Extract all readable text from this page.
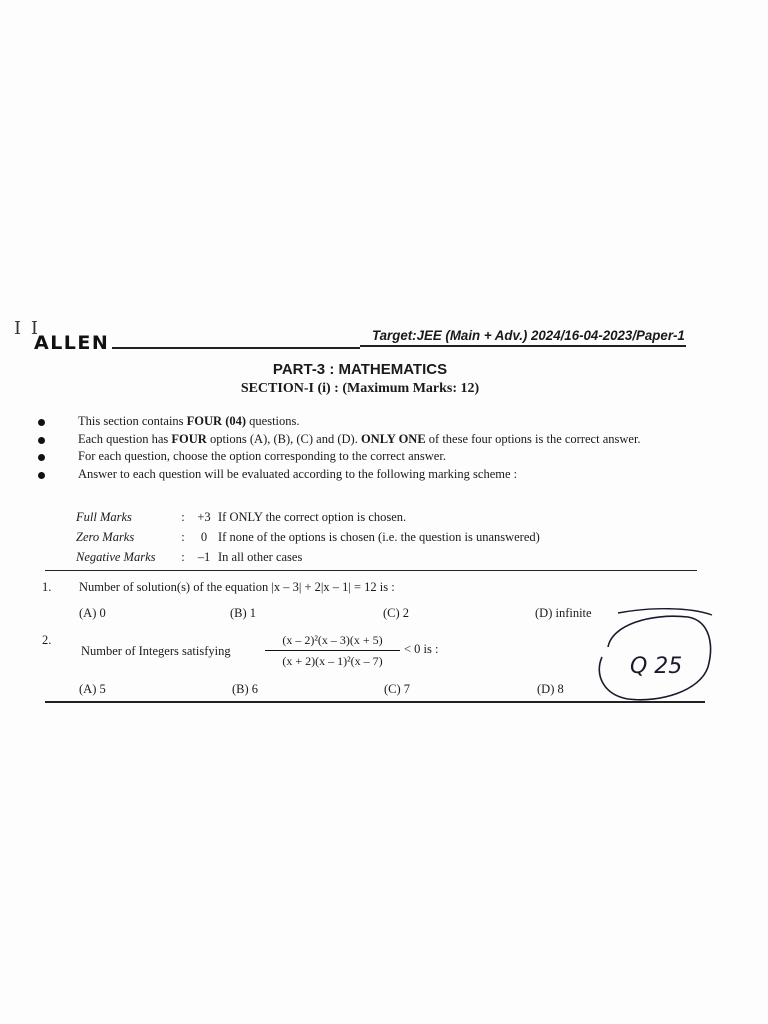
I I
ALLEN	Target:JEE (Main + Adv.) 2024/16-04-2023/Paper-1
PART-3 : MATHEMATICS
SECTION-I (i) : (Maximum Marks: 12)
This section contains FOUR (04) questions.
Each question has FOUR options (A), (B), (C) and (D). ONLY ONE of these four options is the correct answer.
For each question, choose the option corresponding to the correct answer.
Answer to each question will be evaluated according to the following marking scheme :
Full Marks	:	+3 If ONLY the correct option is chosen.
Zero Marks	:	0 If none of the options is chosen (i.e. the question is unanswered)
Negative Marks	:	–1 In all other cases
1. Number of solution(s) of the equation |x – 3| + 2|x – 1| = 12 is :
(A) 0	(B) 1	(C) 2	(D) infinite
2.
Number of Integers satisfying
(x – 2)²(x – 3)(x + 5)
(x + 2)(x – 1)²(x – 7)
< 0 is :
(A) 5	(B) 6	(C) 7	(D) 8
Q 25
